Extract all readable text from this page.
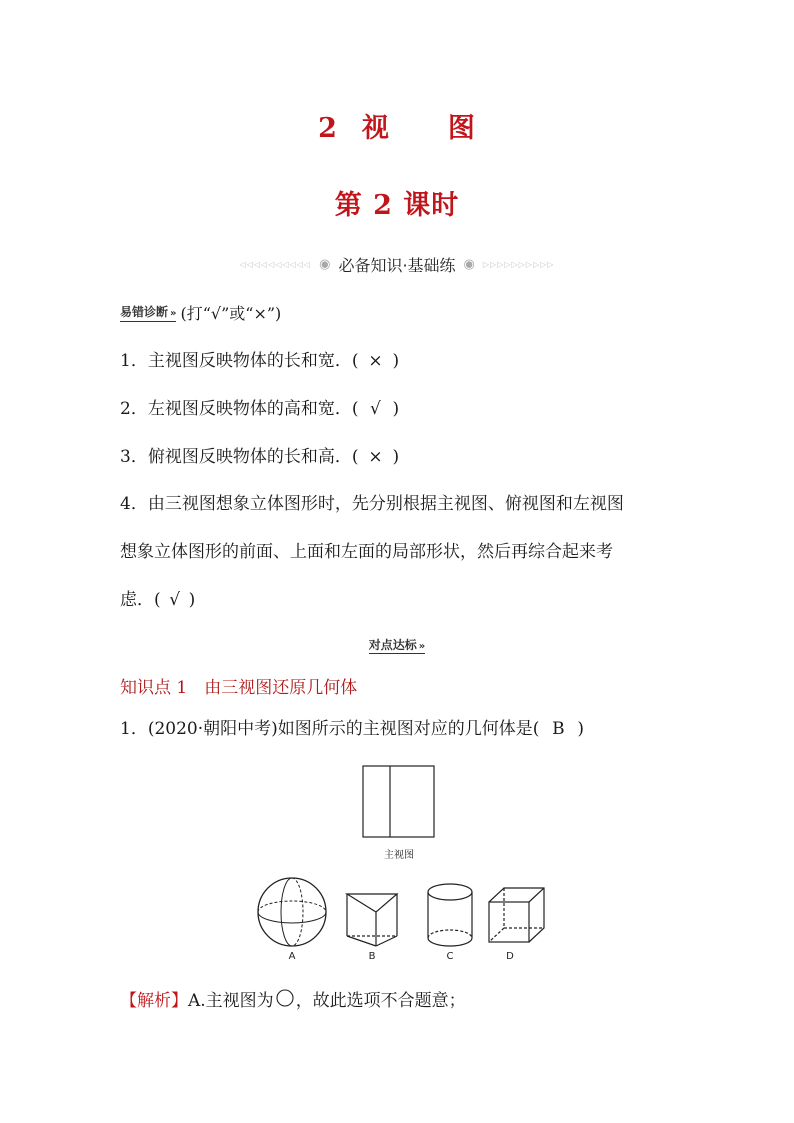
2 视 图
第 2 课时
◁◁◁◁◁◁◁◁◁◁ ◉ 必备知识·基础练 ◉ ▷▷▷▷▷▷▷▷▷▷
易错诊断 » (打“√”或“×”)
1．主视图反映物体的长和宽．( × )
2．左视图反映物体的高和宽．( √ )
3．俯视图反映物体的长和高．( × )
4．由三视图想象立体图形时，先分别根据主视图、俯视图和左视图
想象立体图形的前面、上面和左面的局部形状，然后再综合起来考
虑．( √ )
对点达标 »
知识点 1　由三视图还原几何体
1．(2020·朝阳中考)如图所示的主视图对应的几何体是( B )
主视图
A	B	C	D
【解析】A.主视图为 ，故此选项不合题意；
